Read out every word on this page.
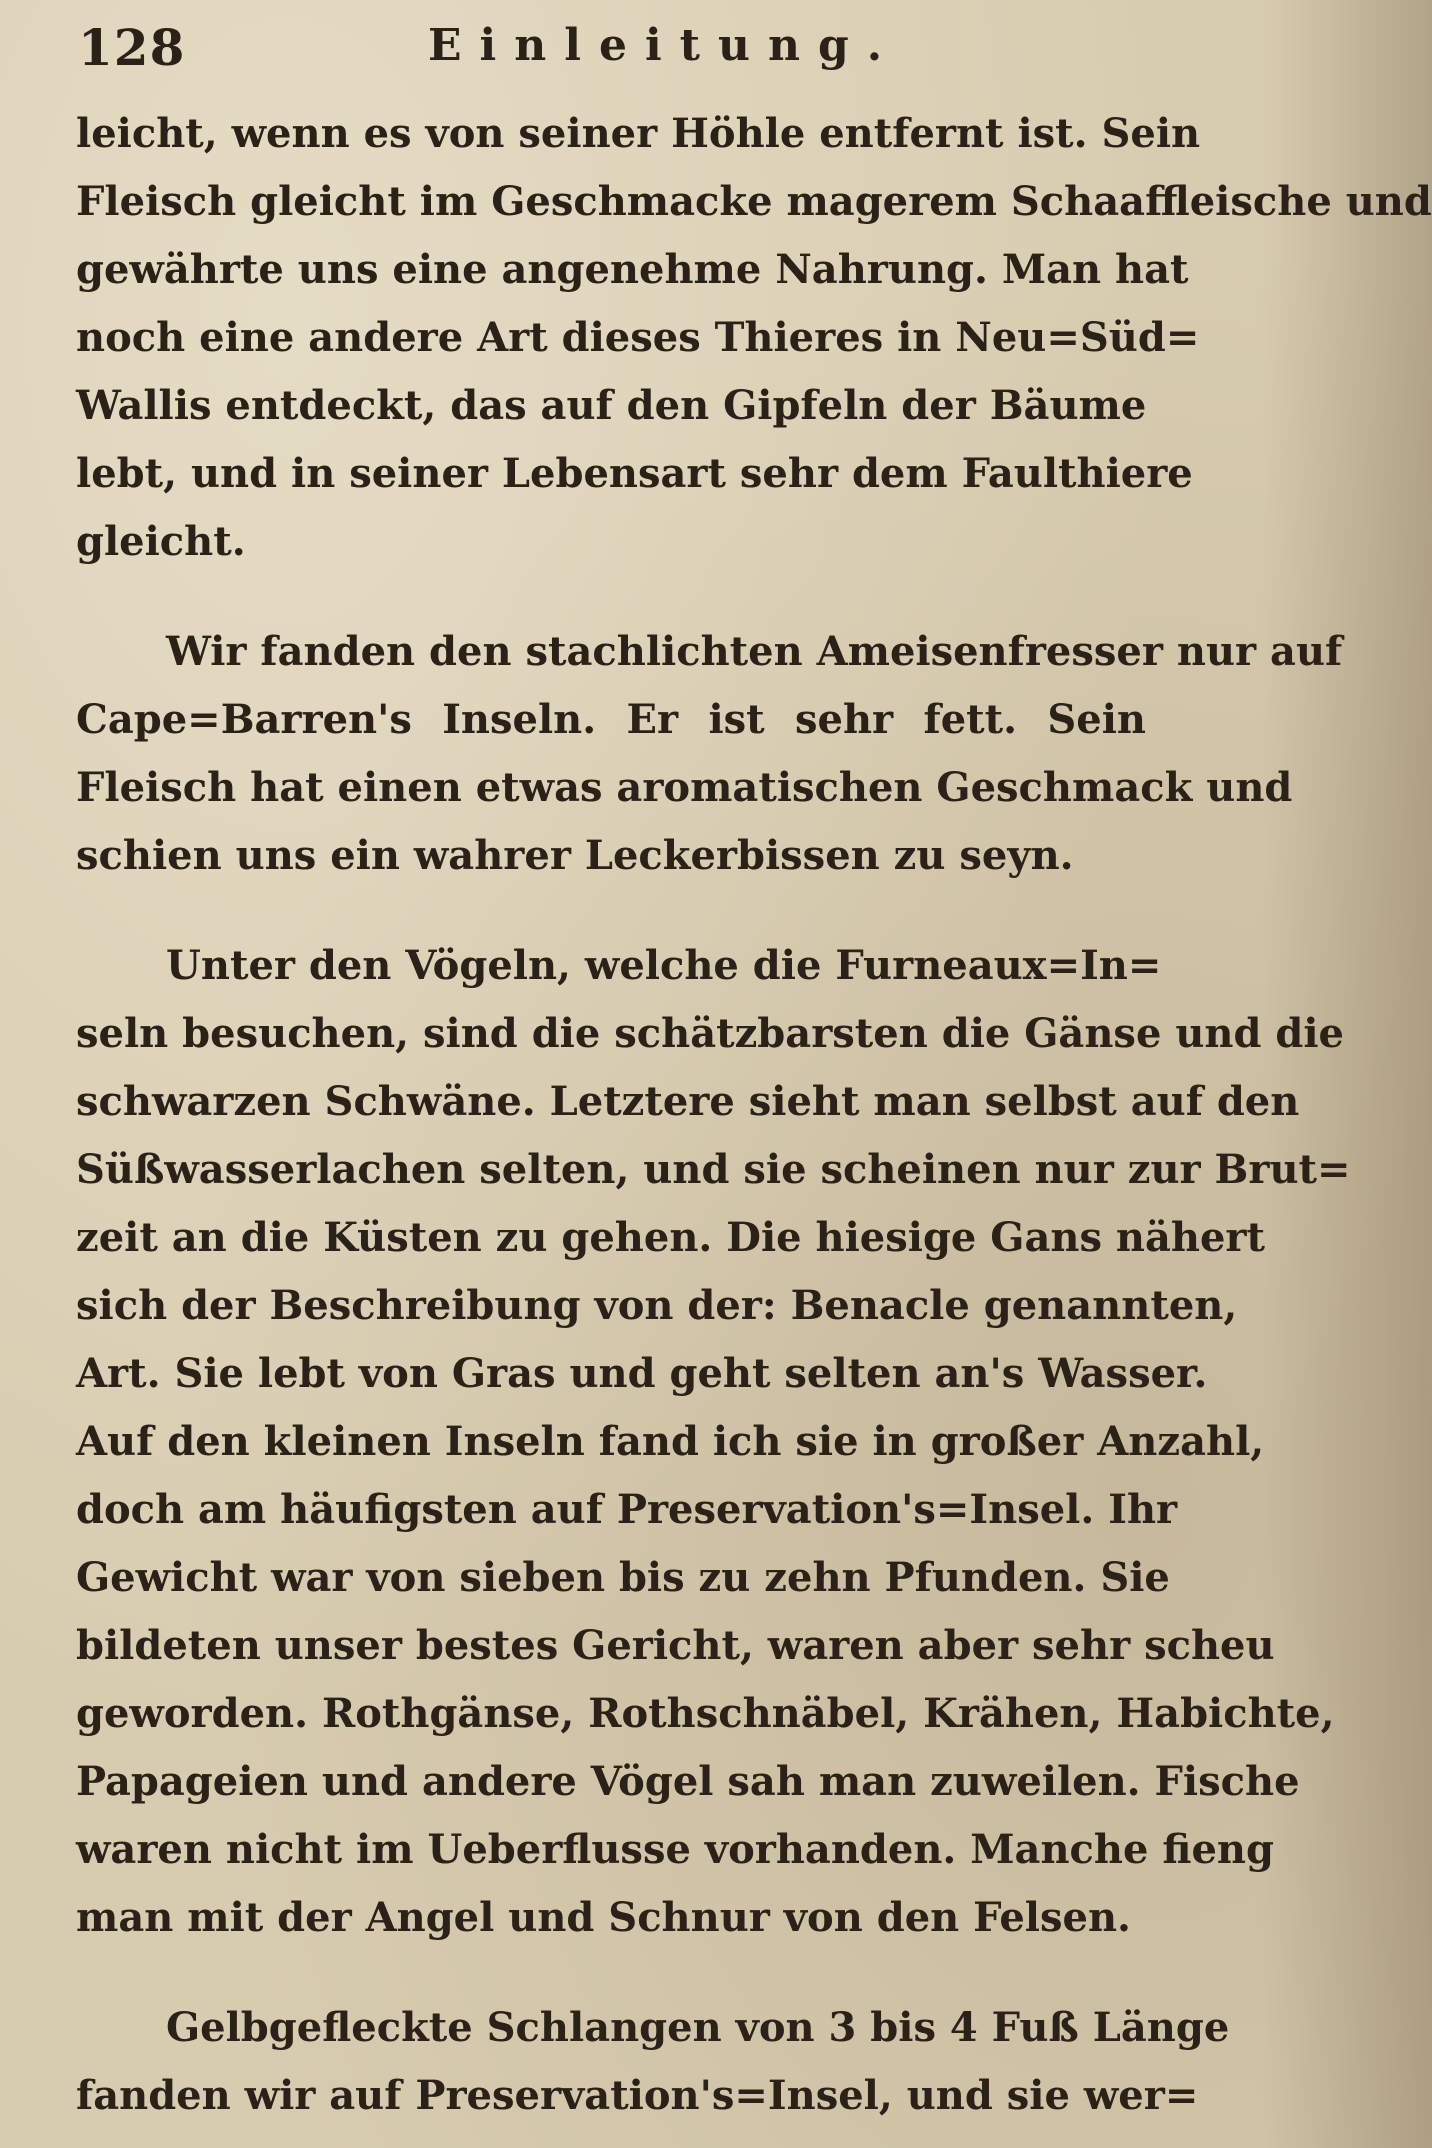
128	Einleitung.
leicht, wenn es von seiner Höhle entfernt ist. Sein
Fleisch gleicht im Geschmacke magerem Schaaffleische und
gewährte uns eine angenehme Nahrung. Man hat
noch eine andere Art dieses Thieres in Neu=Süd=
Wallis entdeckt, das auf den Gipfeln der Bäume
lebt, und in seiner Lebensart sehr dem Faulthiere
gleicht.
Wir fanden den stachlichten Ameisenfresser nur auf
Cape=Barren's Inseln. Er ist sehr fett. Sein
Fleisch hat einen etwas aromatischen Geschmack und
schien uns ein wahrer Leckerbissen zu seyn.
Unter den Vögeln, welche die Furneaux=In=
seln besuchen, sind die schätzbarsten die Gänse und die
schwarzen Schwäne. Letztere sieht man selbst auf den
Süßwasserlachen selten, und sie scheinen nur zur Brut=
zeit an die Küsten zu gehen. Die hiesige Gans nähert
sich der Beschreibung von der: Benacle genannten,
Art. Sie lebt von Gras und geht selten an's Wasser.
Auf den kleinen Inseln fand ich sie in großer Anzahl,
doch am häufigsten auf Preservation's=Insel. Ihr
Gewicht war von sieben bis zu zehn Pfunden. Sie
bildeten unser bestes Gericht, waren aber sehr scheu
geworden. Rothgänse, Rothschnäbel, Krähen, Habichte,
Papageien und andere Vögel sah man zuweilen. Fische
waren nicht im Ueberflusse vorhanden. Manche fieng
man mit der Angel und Schnur von den Felsen.
Gelbgefleckte Schlangen von 3 bis 4 Fuß Länge
fanden wir auf Preservation's=Insel, und sie wer=
